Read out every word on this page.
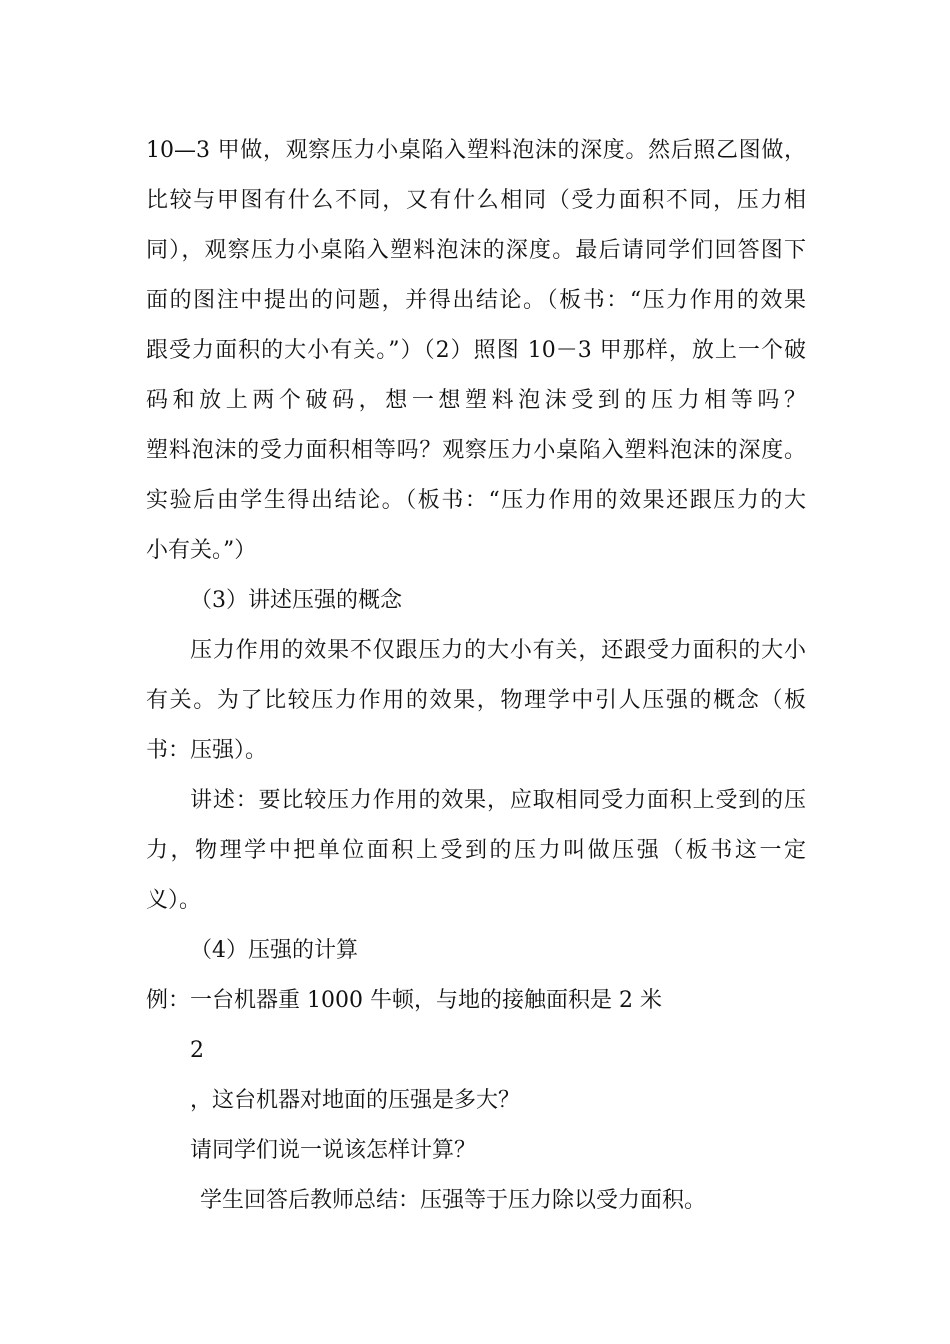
10—3 甲做，观察压力小桌陷入塑料泡沫的深度。然后照乙图做，
比较与甲图有什么不同，又有什么相同（受力面积不同，压力相
同），观察压力小桌陷入塑料泡沫的深度。最后请同学们回答图下
面的图注中提出的问题，并得出结论。（板书：“压力作用的效果
跟受力面积的大小有关。”）（2）照图 10－3 甲那样，放上一个破
码和放上两个破码，想一想塑料泡沫受到的压力相等吗？
塑料泡沫的受力面积相等吗？观察压力小桌陷入塑料泡沫的深度。
实验后由学生得出结论。（板书：“压力作用的效果还跟压力的大
小有关。”）
（3）讲述压强的概念
压力作用的效果不仅跟压力的大小有关，还跟受力面积的大小
有关。为了比较压力作用的效果，物理学中引人压强的概念（板
书：压强）。
讲述：要比较压力作用的效果，应取相同受力面积上受到的压
力，物理学中把单位面积上受到的压力叫做压强（板书这一定
义）。
（4）压强的计算
例：一台机器重 1000 牛顿，与地的接触面积是 2 米
2
，这台机器对地面的压强是多大？
请同学们说一说该怎样计算？
学生回答后教师总结：压强等于压力除以受力面积。
